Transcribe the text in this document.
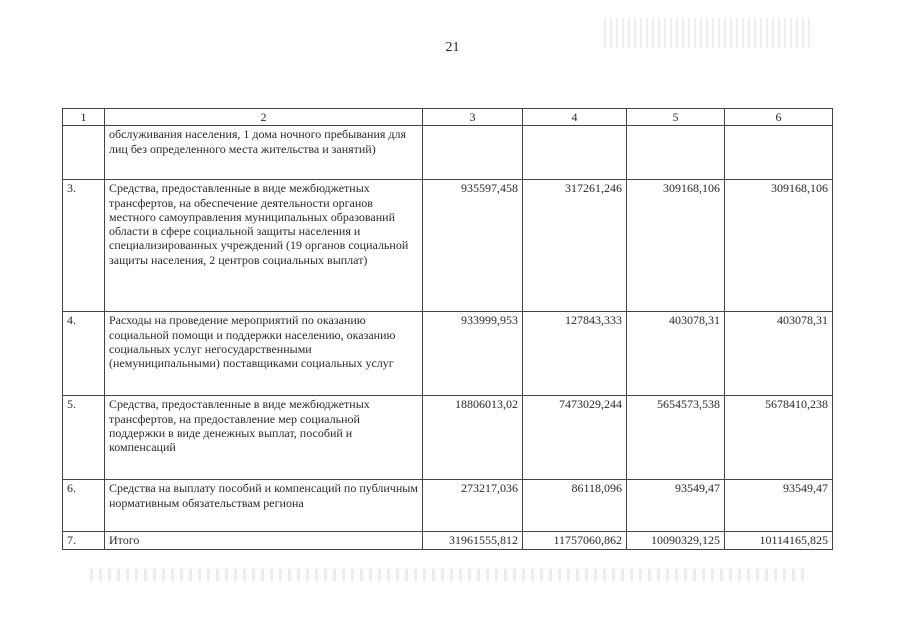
21
1	2	3	4	5	6
	обслуживания населения, 1 дома ночного пребывания для лиц без определенного места жительства и занятий)				
3.	Средства, предоставленные в виде межбюджетных трансфертов, на обеспечение деятельности органов местного самоуправления муниципальных образований области в сфере социальной защиты населения и специализированных учреждений (19 органов социальной защиты населения, 2 центров социальных выплат)	935597,458	317261,246	309168,106	309168,106
4.	Расходы на проведение мероприятий по оказанию социальной помощи и поддержки населению, оказанию социальных услуг негосударственными (немуниципальными) поставщиками социальных услуг	933999,953	127843,333	403078,31	403078,31
5.	Средства, предоставленные в виде межбюджетных трансфертов, на предоставление мер социальной поддержки в виде денежных выплат, пособий и компенсаций	18806013,02	7473029,244	5654573,538	5678410,238
6.	Средства на выплату пособий и компенсаций по публичным нормативным обязательствам региона	273217,036	86118,096	93549,47	93549,47
7.	Итого	31961555,812	11757060,862	10090329,125	10114165,825
